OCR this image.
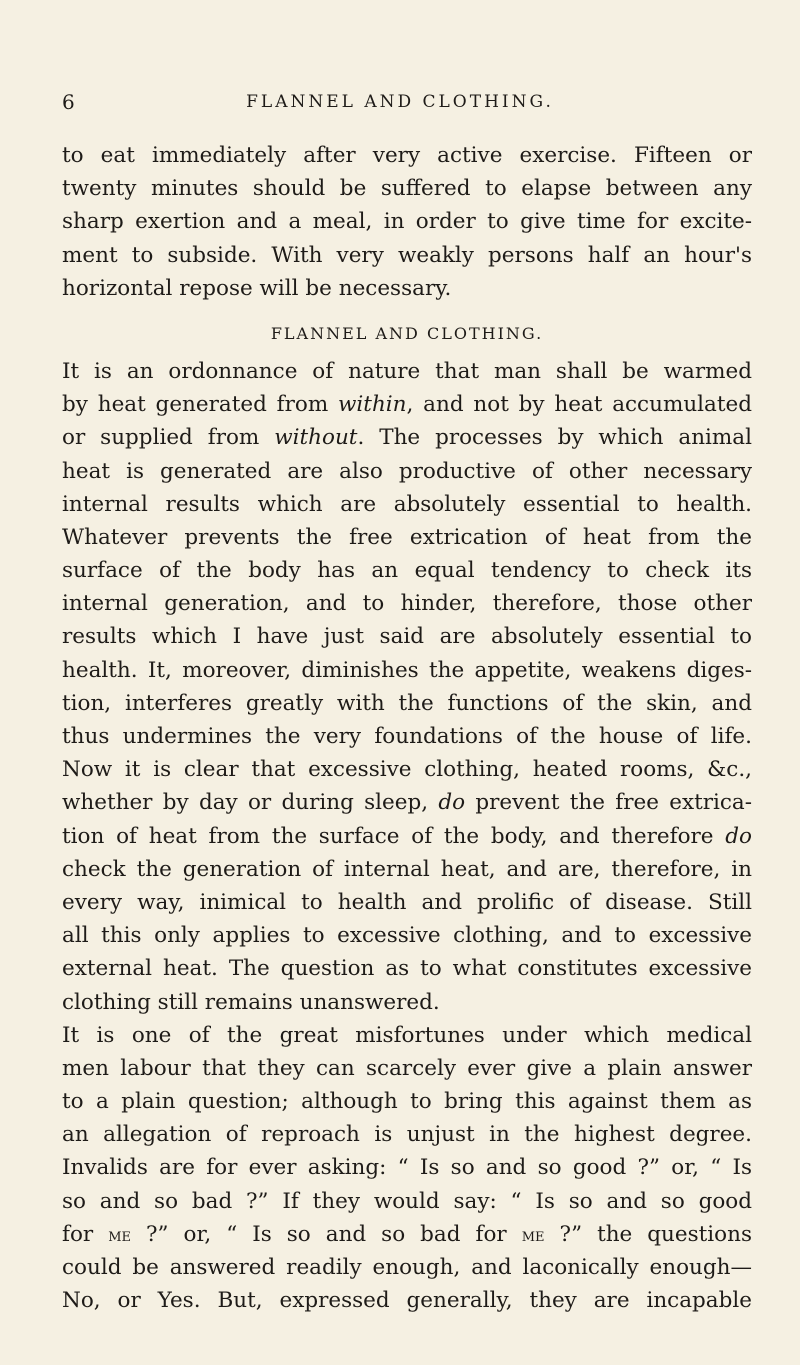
6	FLANNEL AND CLOTHING.
to eat immediately after very active exercise. Fifteen or
twenty minutes should be suffered to elapse between any
sharp exertion and a meal, in order to give time for excite-
ment to subside. With very weakly persons half an hour's
horizontal repose will be necessary.
FLANNEL AND CLOTHING.
It is an ordonnance of nature that man shall be warmed
by heat generated from within, and not by heat accumulated
or supplied from without. The processes by which animal
heat is generated are also productive of other necessary
internal results which are absolutely essential to health.
Whatever prevents the free extrication of heat from the
surface of the body has an equal tendency to check its
internal generation, and to hinder, therefore, those other
results which I have just said are absolutely essential to
health. It, moreover, diminishes the appetite, weakens diges-
tion, interferes greatly with the functions of the skin, and
thus undermines the very foundations of the house of life.
Now it is clear that excessive clothing, heated rooms, &c.,
whether by day or during sleep, do prevent the free extrica-
tion of heat from the surface of the body, and therefore do
check the generation of internal heat, and are, therefore, in
every way, inimical to health and prolific of disease. Still
all this only applies to excessive clothing, and to excessive
external heat. The question as to what constitutes excessive
clothing still remains unanswered.
It is one of the great misfortunes under which medical
men labour that they can scarcely ever give a plain answer
to a plain question; although to bring this against them as
an allegation of reproach is unjust in the highest degree.
Invalids are for ever asking: “ Is so and so good ?” or, “ Is
so and so bad ?” If they would say: “ Is so and so good
for me ?” or, “ Is so and so bad for me ?” the questions
could be answered readily enough, and laconically enough—
No, or Yes. But, expressed generally, they are incapable
